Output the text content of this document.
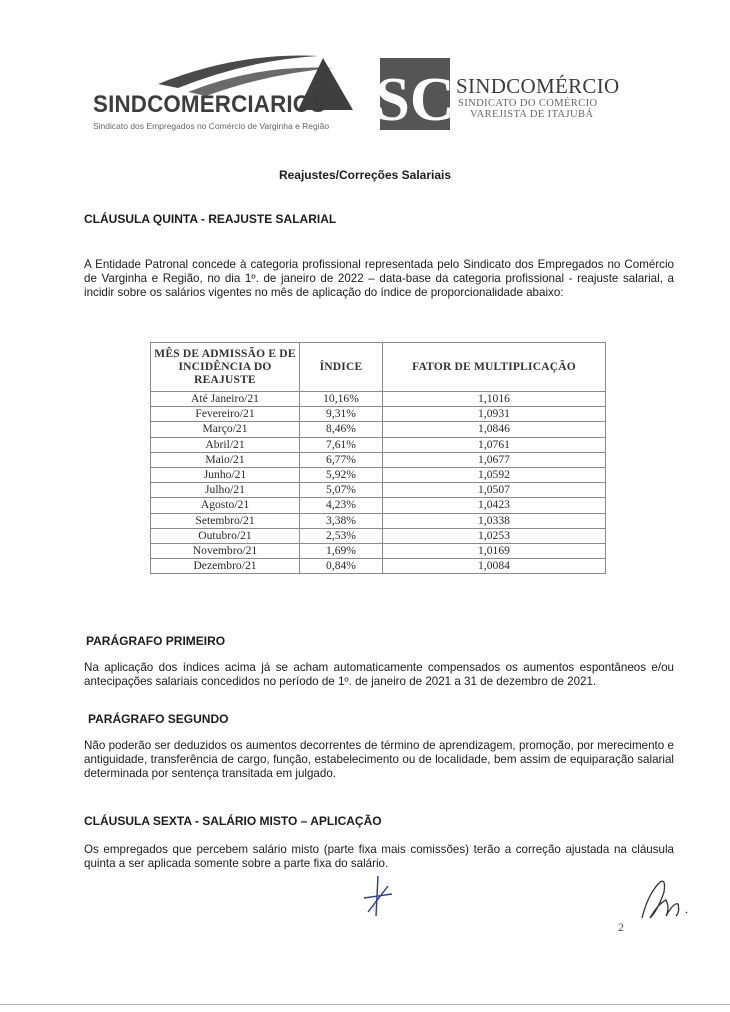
SINDCOMERCIARIOS
Sindicato dos Empregados no Comércio de Varginha e Região SC SINDCOMÉRCIO
SINDICATO DO COMÉRCIO
VAREJISTA DE ITAJUBÁ
Reajustes/Correções Salariais
CLÁUSULA QUINTA - REAJUSTE SALARIAL
A Entidade Patronal concede à categoria profissional representada pelo Sindicato dos Empregados no Comércio de Varginha e Região, no dia 1º. de janeiro de 2022 – data-base da categoria profissional - reajuste salarial, a incidir sobre os salários vigentes no mês de aplicação do índice de proporcionalidade abaixo:
MÊS DE ADMISSÃO E DE INCIDÊNCIA DO REAJUSTE	ÍNDICE	FATOR DE MULTIPLICAÇÃO
Até Janeiro/21	10,16%	1,1016
Fevereiro/21	9,31%	1,0931
Março/21	8,46%	1,0846
Abril/21	7,61%	1,0761
Maio/21	6,77%	1,0677
Junho/21	5,92%	1,0592
Julho/21	5,07%	1,0507
Agosto/21	4,23%	1,0423
Setembro/21	3,38%	1,0338
Outubro/21	2,53%	1,0253
Novembro/21	1,69%	1,0169
Dezembro/21	0,84%	1,0084
PARÁGRAFO PRIMEIRO
Na aplicação dos índices acima já se acham automaticamente compensados os aumentos espontâneos e/ou antecipações salariais concedidos no período de 1º. de janeiro de 2021 a 31 de dezembro de 2021.
PARÁGRAFO SEGUNDO
Não poderão ser deduzidos os aumentos decorrentes de término de aprendizagem, promoção, por merecimento e antiguidade, transferência de cargo, função, estabelecimento ou de localidade, bem assim de equiparação salarial determinada por sentença transitada em julgado.
CLÁUSULA SEXTA - SALÁRIO MISTO – APLICAÇÃO
Os empregados que percebem salário misto (parte fixa mais comissões) terão a correção ajustada na cláusula quinta a ser aplicada somente sobre a parte fixa do salário.
2
